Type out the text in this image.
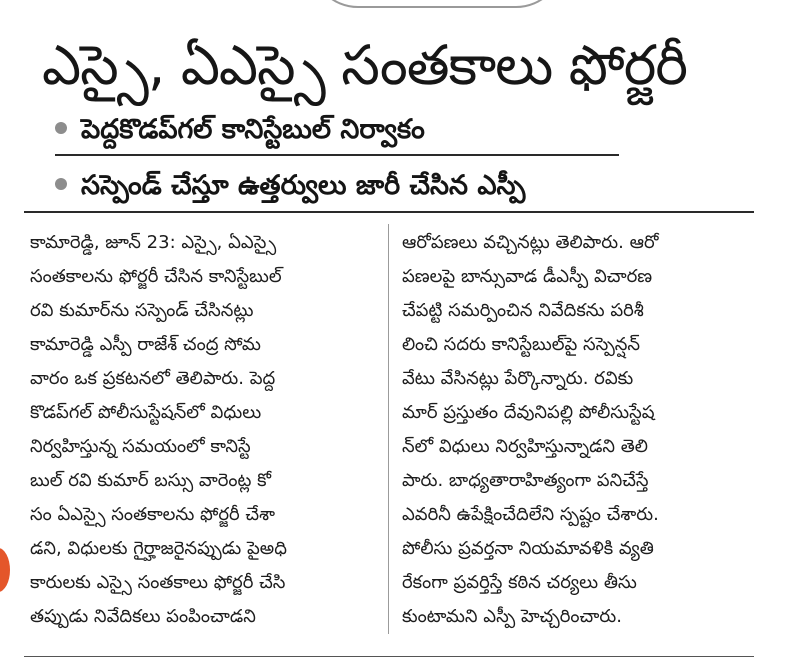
ఎస్సై, ఏఎస్సై సంతకాలు ఫోర్జరీ
పెద్దకొడప్‌గల్ కానిస్టేబుల్ నిర్వాకం
సస్పెండ్ చేస్తూ ఉత్తర్వులు జారీ చేసిన ఎస్పీ
కామారెడ్డి, జూన్ 23: ఎస్సై, ఏఎస్సై
సంతకాలను ఫోర్జరీ చేసిన కానిస్టేబుల్
రవి కుమార్‌ను సస్పెండ్ చేసినట్లు
కామారెడ్డి ఎస్పీ రాజేశ్ చంద్ర సోమ
వారం ఒక ప్రకటనలో తెలిపారు. పెద్ద
కొడప్‌గల్ పోలీసుస్టేషన్‌లో విధులు
నిర్వహిస్తున్న సమయంలో కానిస్టే
బుల్ రవి కుమార్ బస్సు వారెంట్ల కో
సం ఏఎస్సై సంతకాలను ఫోర్జరీ చేశా
డని, విధులకు గైర్హాజరైనప్పుడు పైఅధి
కారులకు ఎస్సై సంతకాలు ఫోర్జరీ చేసి
తప్పుడు నివేదికలు పంపించాడని
ఆరోపణలు వచ్చినట్లు తెలిపారు. ఆరో
పణలపై బాన్సువాడ డీఎస్పీ విచారణ
చేపట్టి సమర్పించిన నివేదికను పరిశీ
లించి సదరు కానిస్టేబుల్‌పై సస్పెన్షన్
వేటు వేసినట్లు పేర్కొన్నారు. రవికు
మార్ ప్రస్తుతం దేవునిపల్లి పోలీసుస్టేష
న్‌లో విధులు నిర్వహిస్తున్నాడని తెలి
పారు. బాధ్యతారాహిత్యంగా పనిచేస్తే
ఎవరినీ ఉపేక్షించేదిలేని స్పష్టం చేశారు.
పోలీసు ప్రవర్తనా నియమావళికి వ్యతి
రేకంగా ప్రవర్తిస్తే కఠిన చర్యలు తీసు
కుంటామని ఎస్పీ హెచ్చరించారు.
